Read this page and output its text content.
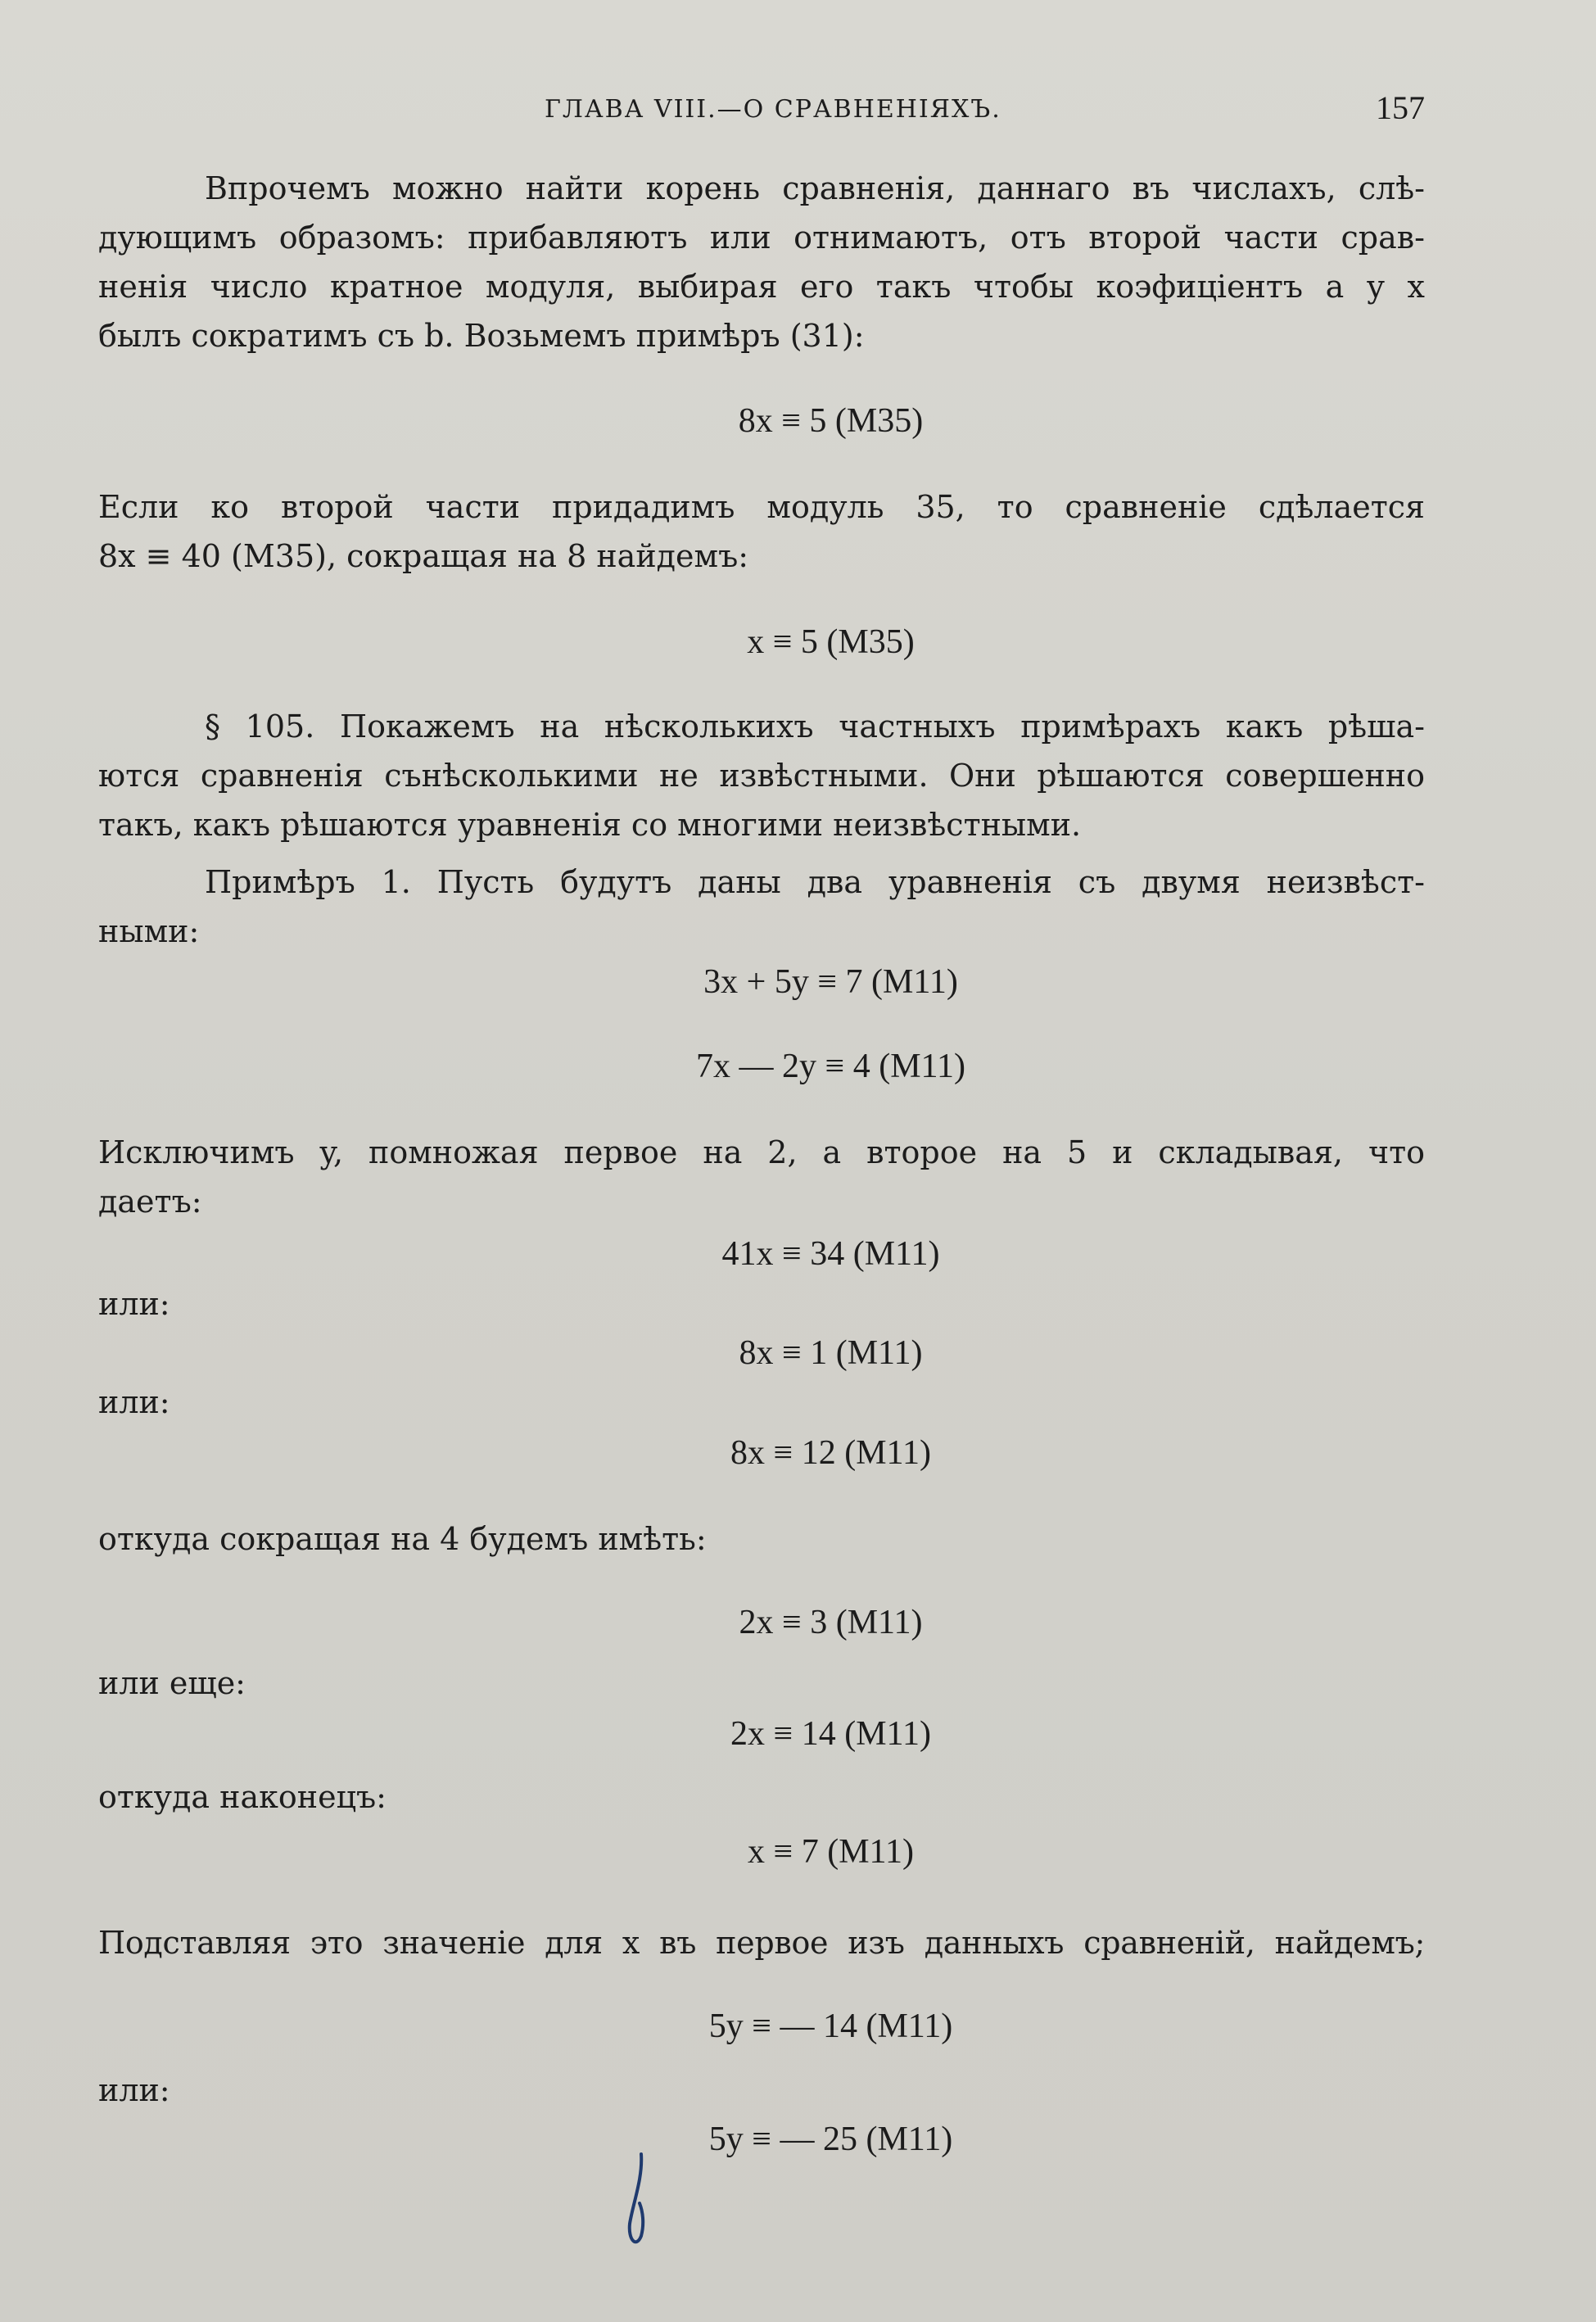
ГЛАВА VIII.—О СРАВНЕНІЯХЪ.	157
Впрочемъ можно найти корень сравненія, даннаго въ числахъ, слѣ-
дующимъ образомъ: прибавляютъ или отнимаютъ, отъ второй части срав-
ненія число кратное модуля, выбирая его такъ чтобы коэфиціентъ a у x
былъ сократимъ съ b. Возьмемъ примѣръ (31):
8x ≡ 5 (M35)
Если ко второй части придадимъ модуль 35, то сравненіе сдѣлается
8x ≡ 40 (M35), сокращая на 8 найдемъ:
x ≡ 5 (M35)
§ 105. Покажемъ на нѣсколькихъ частныхъ примѣрахъ какъ рѣша-
ются сравненія сънѣсколькими не извѣстными. Они рѣшаются совершенно
такъ, какъ рѣшаются уравненія со многими неизвѣстными.
Примѣръ 1. Пусть будутъ даны два уравненія съ двумя неизвѣст-
ными:
3x + 5y ≡ 7 (M11)
7x — 2y ≡ 4 (M11)
Исключимъ y, помножая первое на 2, а второе на 5 и складывая, что
даетъ:
41x ≡ 34 (M11)
или:
8x ≡ 1 (M11)
или:
8x ≡ 12 (M11)
откуда сокращая на 4 будемъ имѣть:
2x ≡ 3 (M11)
или еще:
2x ≡ 14 (M11)
откуда наконецъ:
x ≡ 7 (M11)
Подставляя это значеніе для x въ первое изъ данныхъ сравненій, найдемъ;
5y ≡ — 14 (M11)
или:
5y ≡ — 25 (M11)
